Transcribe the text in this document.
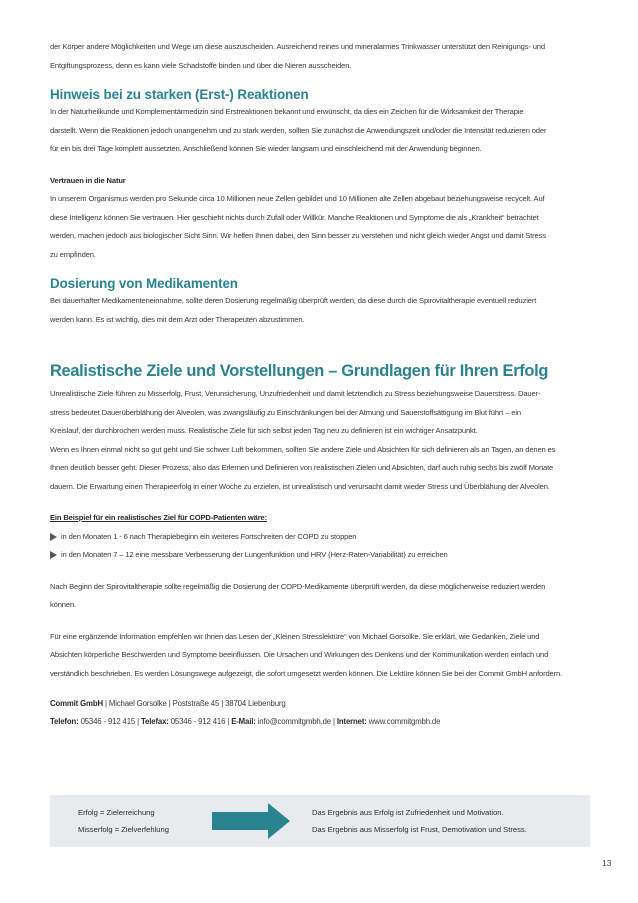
der Körper andere Möglichkeiten und Wege um diese auszuscheiden. Ausreichend reines und mineralarmes Trinkwasser unterstützt den Reinigungs- und

Entgiftungsprozess, denn es kann viele Schadstoffe binden und über die Nieren ausscheiden.

Hinweis bei zu starken (Erst-) Reaktionen

In der Naturheilkunde und Komplementärmedizin sind Erstreaktionen bekannt und erwünscht, da dies ein Zeichen für die Wirksamkeit der Therapie

darstellt. Wenn die Reaktionen jedoch unangenehm und zu stark werden, sollten Sie zunächst die Anwendungszeit und/oder die Intensität reduzieren oder

für ein bis drei Tage komplett aussetzten. Anschließend können Sie wieder langsam und einschleichend mit der Anwendung beginnen.

Vertrauen in die Natur

In unserem Organismus werden pro Sekunde circa 10 Millionen neue Zellen gebildet und 10 Millionen alte Zellen abgebaut beziehungsweise recycelt. Auf

diese Intelligenz können Sie vertrauen. Hier geschieht nichts durch Zufall oder Willkür. Manche Reaktionen und Symptome die als „Krankheit“ betrachtet

werden, machen jedoch aus biologischer Sicht Sinn. Wir helfen Ihnen dabei, den Sinn besser zu verstehen und nicht gleich wieder Angst und damit Stress

zu empfinden.

Dosierung von Medikamenten

Bei dauerhafter Medikamenteneinnahme, sollte deren Dosierung regelmäßig überprüft werden, da diese durch die Spirovitaltherapie eventuell reduziert

werden kann. Es ist wichtig, dies mit dem Arzt oder Therapeuten abzustimmen.

Realistische Ziele und Vorstellungen – Grundlagen für Ihren Erfolg

Unrealistische Ziele führen zu Misserfolg, Frust, Verunsicherung, Unzufriedenheit und damit letztendlich zu Stress beziehungsweise Dauerstress. Dauer-

stress bedeutet Dauerüberblähung der Alveolen, was zwangsläufig zu Einschränkungen bei der Atmung und Sauerstoffsättigung im Blut führt – ein

Kreislauf, der durchbrochen werden muss. Realistische Ziele für sich selbst jeden Tag neu zu definieren ist ein wichtiger Ansatzpunkt.

Wenn es Ihnen einmal nicht so gut geht und Sie schwer Luft bekommen, sollten Sie andere Ziele und Absichten für sich definieren als an Tagen, an denen es

Ihnen deutlich besser geht. Dieser Prozess, also das Erlernen und Definieren von realistischen Zielen und Absichten, darf auch ruhig sechs bis zwölf Monate

dauern. Die Erwartung einen Therapieerfolg in einer Woche zu erzielen, ist unrealistisch und verursacht damit wieder Stress und Überblähung der Alveolen.

Ein Beispiel für ein realistisches Ziel für COPD-Patienten wäre:

in den Monaten 1 - 6 nach Therapiebeginn ein weiteres Fortschreiten der COPD zu stoppen

in den Monaten 7 – 12 eine messbare Verbesserung der Lungenfunktion und HRV (Herz-Raten-Variabilität) zu erreichen

Nach Beginn der Spirovitaltherapie sollte regelmäßig die Dosierung der COPD-Medikamente überprüft werden, da diese möglicherweise reduziert werden

können.

Für eine ergänzende Information empfehlen wir Ihnen das Lesen der „Kleinen Stresslektüre“ von Michael Gorsolke. Sie erklärt, wie Gedanken, Ziele und

Absichten körperliche Beschwerden und Symptome beeinflussen. Die Ursachen und Wirkungen des Denkens und der Kommunikation werden einfach und

verständlich beschrieben. Es werden Lösungswege aufgezeigt, die sofort umgesetzt werden können. Die Lektüre können Sie bei der Commit GmbH anfordern.

Commit GmbH | Michael Gorsolke | Poststraße 45 | 38704 Liebenburg

Telefon: 05346 - 912 415 | Telefax: 05346 - 912 416 | E-Mail: info@commitgmbh.de | Internet: www.commitgmbh.de

Erfolg = Zielerreichung
Misserfolg = Zielverfehlung
Das Ergebnis aus Erfolg ist Zufriedenheit und Motivation.
Das Ergebnis aus Misserfolg ist Frust, Demotivation und Stress.
13
